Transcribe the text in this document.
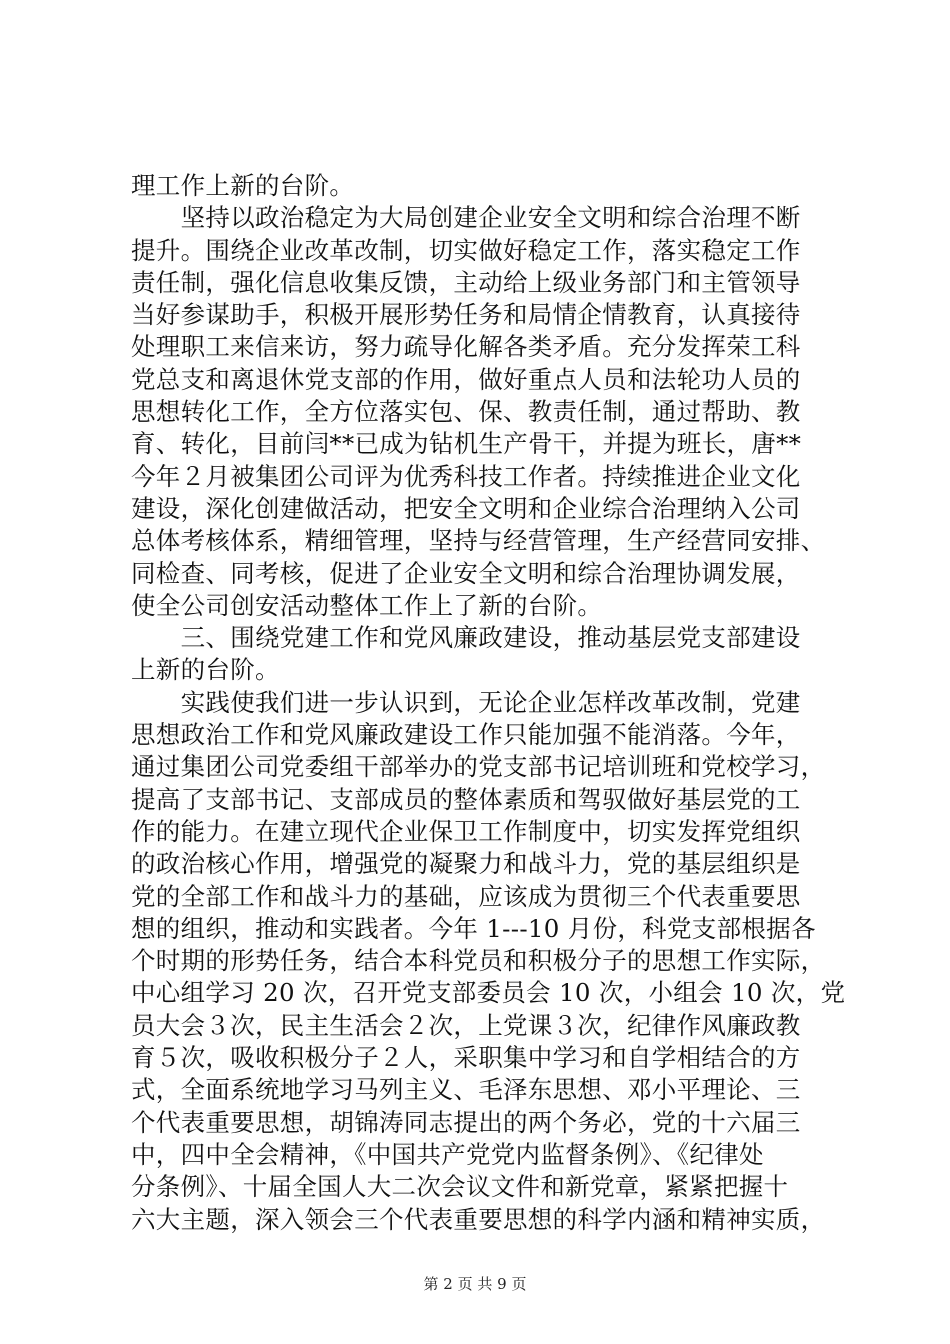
理工作上新的台阶。
　　坚持以政治稳定为大局创建企业安全文明和综合治理不断
提升。围绕企业改革改制，切实做好稳定工作，落实稳定工作
责任制，强化信息收集反馈，主动给上级业务部门和主管领导
当好参谋助手，积极开展形势任务和局情企情教育，认真接待
处理职工来信来访，努力疏导化解各类矛盾。充分发挥荣工科
党总支和离退休党支部的作用，做好重点人员和法轮功人员的
思想转化工作，全方位落实包、保、教责任制，通过帮助、教
育、转化，目前闫**已成为钻机生产骨干，并提为班长，唐**
今年２月被集团公司评为优秀科技工作者。持续推进企业文化
建设，深化创建做活动，把安全文明和企业综合治理纳入公司
总体考核体系，精细管理，坚持与经营管理，生产经营同安排、
同检查、同考核，促进了企业安全文明和综合治理协调发展，
使全公司创安活动整体工作上了新的台阶。
　　三、围绕党建工作和党风廉政建设，推动基层党支部建设
上新的台阶。
　　实践使我们进一步认识到，无论企业怎样改革改制，党建
思想政治工作和党风廉政建设工作只能加强不能消落。今年，
通过集团公司党委组干部举办的党支部书记培训班和党校学习，
提高了支部书记、支部成员的整体素质和驾驭做好基层党的工
作的能力。在建立现代企业保卫工作制度中，切实发挥党组织
的政治核心作用，增强党的凝聚力和战斗力，党的基层组织是
党的全部工作和战斗力的基础，应该成为贯彻三个代表重要思
想的组织，推动和实践者。今年 1---10 月份，科党支部根据各
个时期的形势任务，结合本科党员和积极分子的思想工作实际，
中心组学习 20 次，召开党支部委员会 10 次，小组会 10 次，党
员大会３次，民主生活会２次，上党课３次，纪律作风廉政教
育５次，吸收积极分子２人，采职集中学习和自学相结合的方
式，全面系统地学习马列主义、毛泽东思想、邓小平理论、三
个代表重要思想，胡锦涛同志提出的两个务必，党的十六届三
中，四中全会精神，《中国共产党党内监督条例》、《纪律处
分条例》、十届全国人大二次会议文件和新党章，紧紧把握十
六大主题，深入领会三个代表重要思想的科学内涵和精神实质，
第 2 页 共 9 页
